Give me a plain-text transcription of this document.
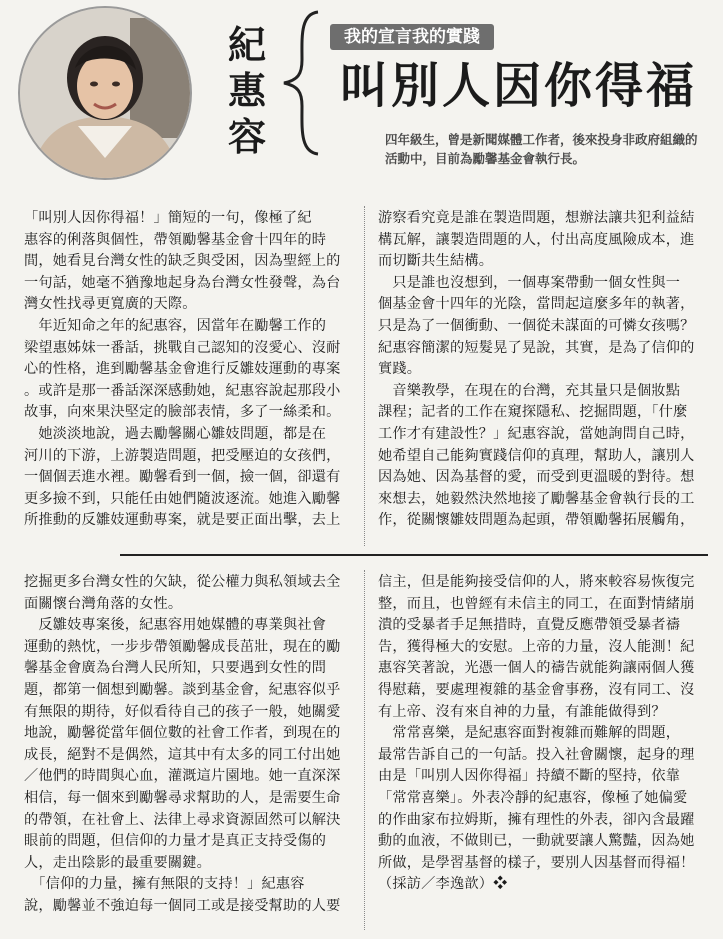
紀
惠
容
我的宣言我的實踐
叫別人因你得福
四年級生，曾是新聞媒體工作者，後來投身非政府組織的
活動中，目前為勵馨基金會執行長。

「叫別人因你得福！」簡短的一句，像極了紀

惠容的俐落與個性，帶領勵馨基金會十四年的時

間，她看見台灣女性的缺乏與受困，因為聖經上的

一句話，她毫不猶豫地起身為台灣女性發聲，為台

灣女性找尋更寬廣的天際。

　年近知命之年的紀惠容，因當年在勵馨工作的

梁望惠姊妹一番話，挑戰自己認知的沒愛心、沒耐

心的性格，進到勵馨基金會進行反雛妓運動的專案

。或許是那一番話深深感動她，紀惠容說起那段小

故事，向來果決堅定的臉部表情，多了一絲柔和。

　她淡淡地說，過去勵馨關心雛妓問題，都是在

河川的下游，上游製造問題，把受壓迫的女孩們，

一個個丟進水裡。勵馨看到一個，撿一個，卻還有

更多撿不到，只能任由她們隨波逐流。她進入勵馨

所推動的反雛妓運動專案，就是要正面出擊，去上

游察看究竟是誰在製造問題，想辦法讓共犯利益結

構瓦解，讓製造問題的人，付出高度風險成本，進

而切斷共生結構。

　只是誰也沒想到，一個專案帶動一個女性與一

個基金會十四年的光陰，當問起這麼多年的執著，

只是為了一個衝動、一個從未謀面的可憐女孩嗎？

紀惠容簡潔的短髮晃了晃說，其實，是為了信仰的

實踐。

　音樂教學，在現在的台灣，充其量只是個妝點

課程；記者的工作在窺探隱私、挖掘問題，「什麼

工作才有建設性？」紀惠容說，當她詢問自己時，

她希望自己能夠實踐信仰的真理，幫助人，讓別人

因為她、因為基督的愛，而受到更溫暖的對待。想

來想去，她毅然決然地接了勵馨基金會執行長的工

作，從關懷雛妓問題為起頭，帶領勵馨拓展觸角，

挖掘更多台灣女性的欠缺，從公權力與私領域去全

面關懷台灣角落的女性。

　反雛妓專案後，紀惠容用她媒體的專業與社會

運動的熱忱，一步步帶領勵馨成長茁壯，現在的勵

馨基金會廣為台灣人民所知，只要遇到女性的問

題，都第一個想到勵馨。談到基金會，紀惠容似乎

有無限的期待，好似看待自己的孩子一般，她關愛

地說，勵馨從當年個位數的社會工作者，到現在的

成長，絕對不是偶然，這其中有太多的同工付出她

／他們的時間與心血，灌溉這片園地。她一直深深

相信，每一個來到勵馨尋求幫助的人，是需要生命

的帶領，在社會上、法律上尋求資源固然可以解決

眼前的問題，但信仰的力量才是真正支持受傷的

人，走出陰影的最重要關鍵。

　「信仰的力量，擁有無限的支持！」紀惠容

說，勵馨並不強迫每一個同工或是接受幫助的人要

信主，但是能夠接受信仰的人，將來較容易恢復完

整，而且，也曾經有未信主的同工，在面對情緒崩

潰的受暴者手足無措時，直覺反應帶領受暴者禱

告，獲得極大的安慰。上帝的力量，沒人能測！紀

惠容笑著說，光憑一個人的禱告就能夠讓兩個人獲

得慰藉，要處理複雜的基金會事務，沒有同工、沒

有上帝、沒有來自神的力量，有誰能做得到？

　常常喜樂，是紀惠容面對複雜而難解的問題，

最常告訴自己的一句話。投入社會關懷，起身的理

由是「叫別人因你得福」持續不斷的堅持，依靠

「常常喜樂」。外表冷靜的紀惠容，像極了她偏愛

的作曲家布拉姆斯，擁有理性的外表，卻內含最躍

動的血液，不做則已，一動就要讓人驚豔，因為她

所做，是學習基督的樣子，要別人因基督而得福！

（採訪／李逸歆）❖
